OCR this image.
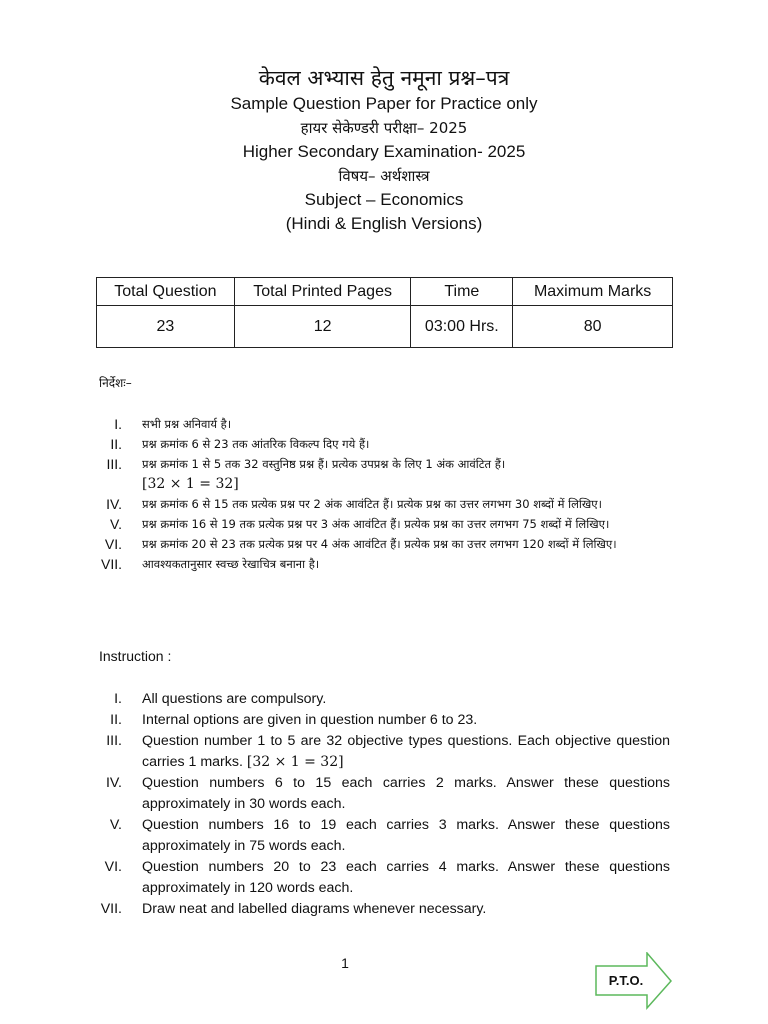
केवल अभ्यास हेतु नमूना प्रश्न–पत्र
Sample Question Paper for Practice only
हायर सेकेण्डरी परीक्षा– 2025
Higher Secondary Examination- 2025
विषय– अर्थशास्त्र
Subject – Economics
(Hindi & English Versions)
Total Question	Total Printed Pages	Time	Maximum Marks
23	12	03:00 Hrs.	80
निर्देशः–
I. सभी प्रश्न अनिवार्य है।
II. प्रश्न क्रमांक 6 से 23 तक आंतरिक विकल्प दिए गये हैं।
III. प्रश्न क्रमांक 1 से 5 तक 32 वस्तुनिष्ठ प्रश्न हैं। प्रत्येक उपप्रश्न के लिए 1 अंक आवंटित हैं।
[32 × 1 = 32]
IV. प्रश्न क्रमांक 6 से 15 तक प्रत्येक प्रश्न पर 2 अंक आवंटित हैं। प्रत्येक प्रश्न का उत्तर लगभग 30 शब्दों में लिखिए।
V. प्रश्न क्रमांक 16 से 19 तक प्रत्येक प्रश्न पर 3 अंक आवंटित हैं। प्रत्येक प्रश्न का उत्तर लगभग 75 शब्दों में लिखिए।
VI. प्रश्न क्रमांक 20 से 23 तक प्रत्येक प्रश्न पर 4 अंक आवंटित हैं। प्रत्येक प्रश्न का उत्तर लगभग 120 शब्दों में लिखिए।
VII. आवश्यकतानुसार स्वच्छ रेखाचित्र बनाना है।
Instruction :
I. All questions are compulsory.
II. Internal options are given in question number 6 to 23.
III. Question number 1 to 5 are 32 objective types questions. Each objective question carries 1 marks. [32 × 1 = 32]
IV. Question numbers 6 to 15 each carries 2 marks. Answer these questions approximately in 30 words each.
V. Question numbers 16 to 19 each carries 3 marks. Answer these questions approximately in 75 words each.
VI. Question numbers 20 to 23 each carries 4 marks. Answer these questions approximately in 120 words each.
VII. Draw neat and labelled diagrams whenever necessary.
1
P.T.O.
